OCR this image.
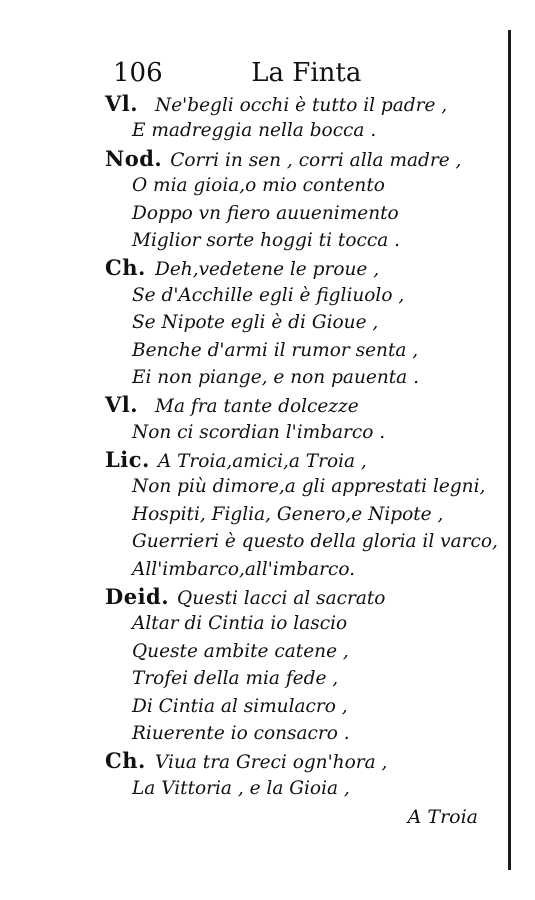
106	La Finta
Vl. Ne'begli occhi è tutto il padre ,
E madreggia nella bocca .
Nod. Corri in sen , corri alla madre ,
O mia gioia,o mio contento
Doppo vn fiero auuenimento
Miglior sorte hoggi ti tocca .
Ch. Deh,vedetene le proue ,
Se d'Acchille egli è figliuolo ,
Se Nipote egli è di Gioue ,
Benche d'armi il rumor senta ,
Ei non piange, e non pauenta .
Vl. Ma fra tante dolcezze
Non ci scordian l'imbarco .
Lic. A Troia,amici,a Troia ,
Non più dimore,a gli apprestati legni,
Hospiti, Figlia, Genero,e Nipote ,
Guerrieri è questo della gloria il varco,
All'imbarco,all'imbarco.
Deid. Questi lacci al sacrato
Altar di Cintia io lascio
Queste ambite catene ,
Trofei della mia fede ,
Di Cintia al simulacro ,
Riuerente io consacro .
Ch. Viua tra Greci ogn'hora ,
La Vittoria , e la Gioia ,
A Troia
